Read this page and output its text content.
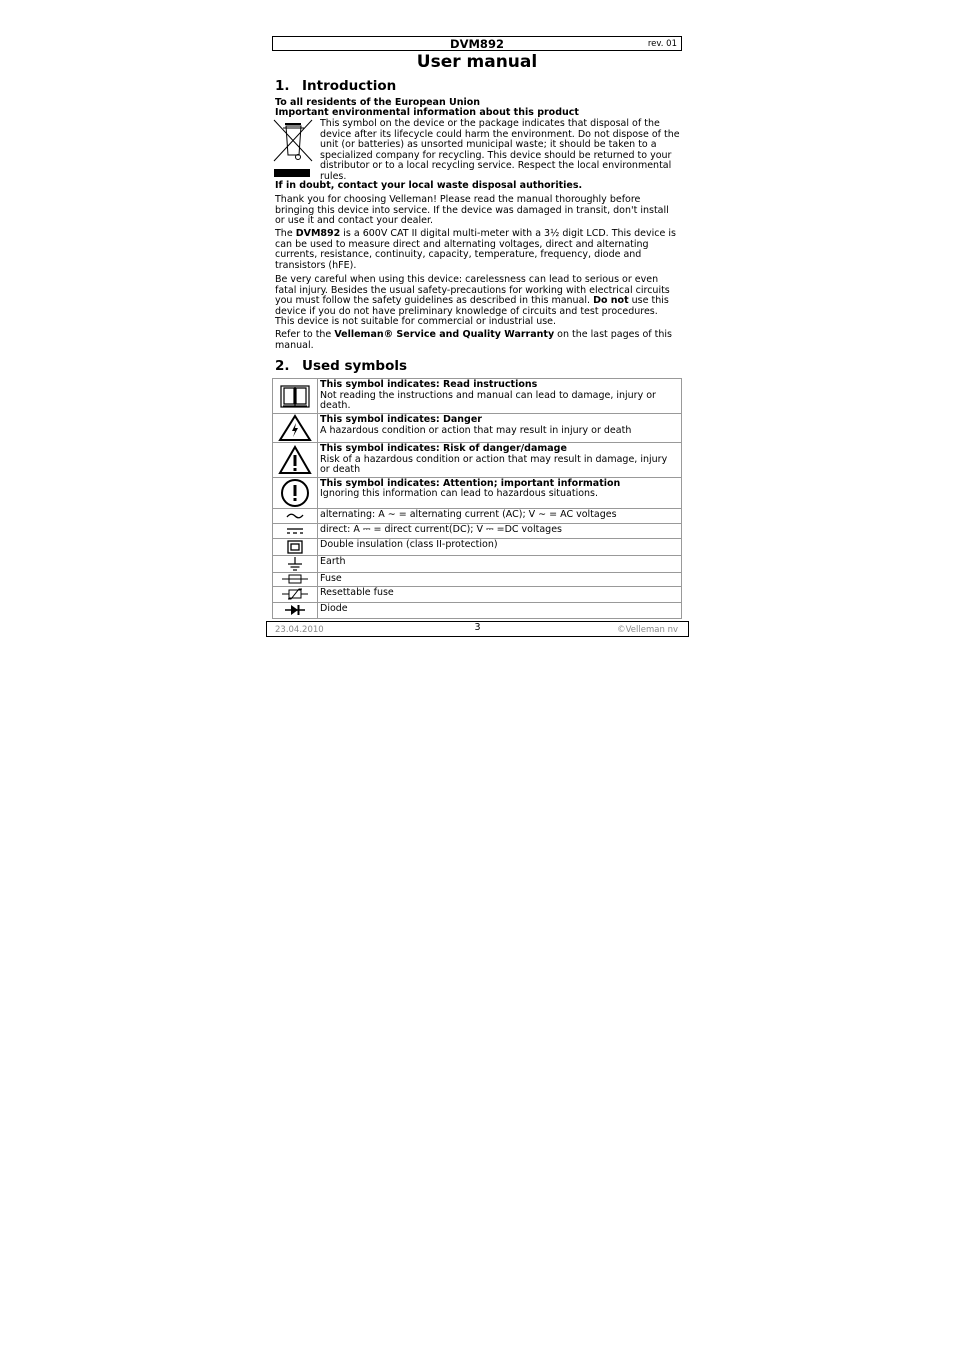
DVM892	rev. 01
User manual
1. Introduction
To all residents of the European Union
Important environmental information about this product
This symbol on the device or the package indicates that disposal of the device after its lifecycle could harm the environment. Do not dispose of the unit (or batteries) as unsorted municipal waste; it should be taken to a specialized company for recycling. This device should be returned to your distributor or to a local recycling service. Respect the local environmental rules.
If in doubt, contact your local waste disposal authorities.
Thank you for choosing Velleman! Please read the manual thoroughly before bringing this device into service. If the device was damaged in transit, don't install or use it and contact your dealer.
The DVM892 is a 600V CAT II digital multi-meter with a 3½ digit LCD. This device is can be used to measure direct and alternating voltages, direct and alternating currents, resistance, continuity, capacity, temperature, frequency, diode and transistors (hFE).
Be very careful when using this device: carelessness can lead to serious or even fatal injury. Besides the usual safety-precautions for working with electrical circuits you must follow the safety guidelines as described in this manual. Do not use this device if you do not have preliminary knowledge of circuits and test procedures. This device is not suitable for commercial or industrial use.
Refer to the Velleman® Service and Quality Warranty on the last pages of this manual.
2. Used symbols

This symbol indicates: Read instructions
Not reading the instructions and manual can lead to damage, injury or death.

This symbol indicates: Danger
A hazardous condition or action that may result in injury or death

This symbol indicates: Risk of danger/damage
Risk of a hazardous condition or action that may result in damage, injury or death

This symbol indicates: Attention; important information
Ignoring this information can lead to hazardous situations.

	alternating: A ∼ = alternating current (AC); V ∼ = AC voltages

	direct: A ⎓ = direct current(DC); V ⎓ =DC voltages

	Double insulation (class II-protection)

	Earth

	Fuse

	Resettable fuse

	Diode
23.04.2010	3	©Velleman nv
